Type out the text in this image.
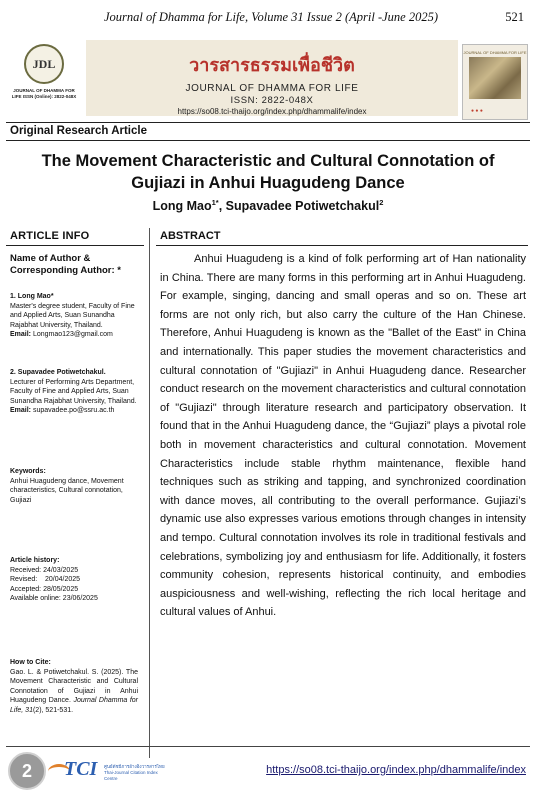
Journal of Dhamma for Life, Volume 31 Issue 2 (April -June 2025)	521
JDL
JOURNAL OF DHAMMA FOR LIFE ISSN (Online): 2822-048X
วารสารธรรมเพื่อชีวิต
JOURNAL OF DHAMMA FOR LIFE
ISSN: 2822-048X
https://so08.tci-thaijo.org/index.php/dhammalife/index
JOURNAL OF DHAMMA FOR LIFE
● ● ●
Original Research Article
The Movement Characteristic and Cultural Connotation of
Gujiazi in Anhui Huagudeng Dance
Long Mao$^{1*}$, Supavadee Potiwetchakul$^2$
ARTICLE INFO
Name of Author & Corresponding Author: *
1. Long Mao*
Master's degree student, Faculty of Fine and Applied Arts, Suan Sunandha Rajabhat University, Thailand.
Email: Longmao123@gmail.com
2. Supavadee Potiwetchakul.
Lecturer of Performing Arts Department, Faculty of Fine and Applied Arts, Suan Sunandha Rajabhat University, Thailand.
Email: supavadee.po@ssru.ac.th
Keywords:
Anhui Huagudeng dance, Movement characteristics, Cultural connotation, Gujiazi
Article history:
Received: 24/03/2025
Revised:    20/04/2025
Accepted: 28/05/2025
Available online: 23/06/2025
How to Cite:
Gao. L. & Potiwetchakul. S. (2025). The Movement Characteristic and Cultural Connotation of Gujiazi in Anhui Huagudeng Dance. Journal Dhamma for Life, 31(2), 521-531.
ABSTRACT
Anhui Huagudeng is a kind of folk performing art of Han nationality in China. There are many forms in this performing art in Anhui Huagudeng. For example, singing, dancing and small operas and so on. These art forms are not only rich, but also carry the culture of the Han Chinese. Therefore, Anhui Huagudeng is known as the "Ballet of the East" in China and internationally. This paper studies the movement characteristics and cultural connotation of "Gujiazi" in Anhui Huagudeng dance. Researcher conduct research on the movement characteristics and cultural connotation of "Gujiazi" through literature research and participatory observation. It found that in the Anhui Huagudeng dance, the “Gujiazi” plays a pivotal role both in movement characteristics and cultural connotation. Movement Characteristics include stable rhythm maintenance, flexible hand techniques such as striking and tapping, and synchronized coordination with dance moves, all contributing to the overall performance. Gujiazi’s dynamic use also expresses various emotions through changes in intensity and tempo. Cultural connotation involves its role in traditional festivals and celebrations, symbolizing joy and enthusiasm for life. Additionally, it fosters community cohesion, represents historical continuity, and embodies auspiciousness and well-wishing, reflecting the rich local heritage and cultural values of Anhui.
2	TCI ศูนย์ดัชนีการอ้างอิงวารสารไทย Thai-Journal Citation Index Centre
https://so08.tci-thaijo.org/index.php/dhammalife/index
